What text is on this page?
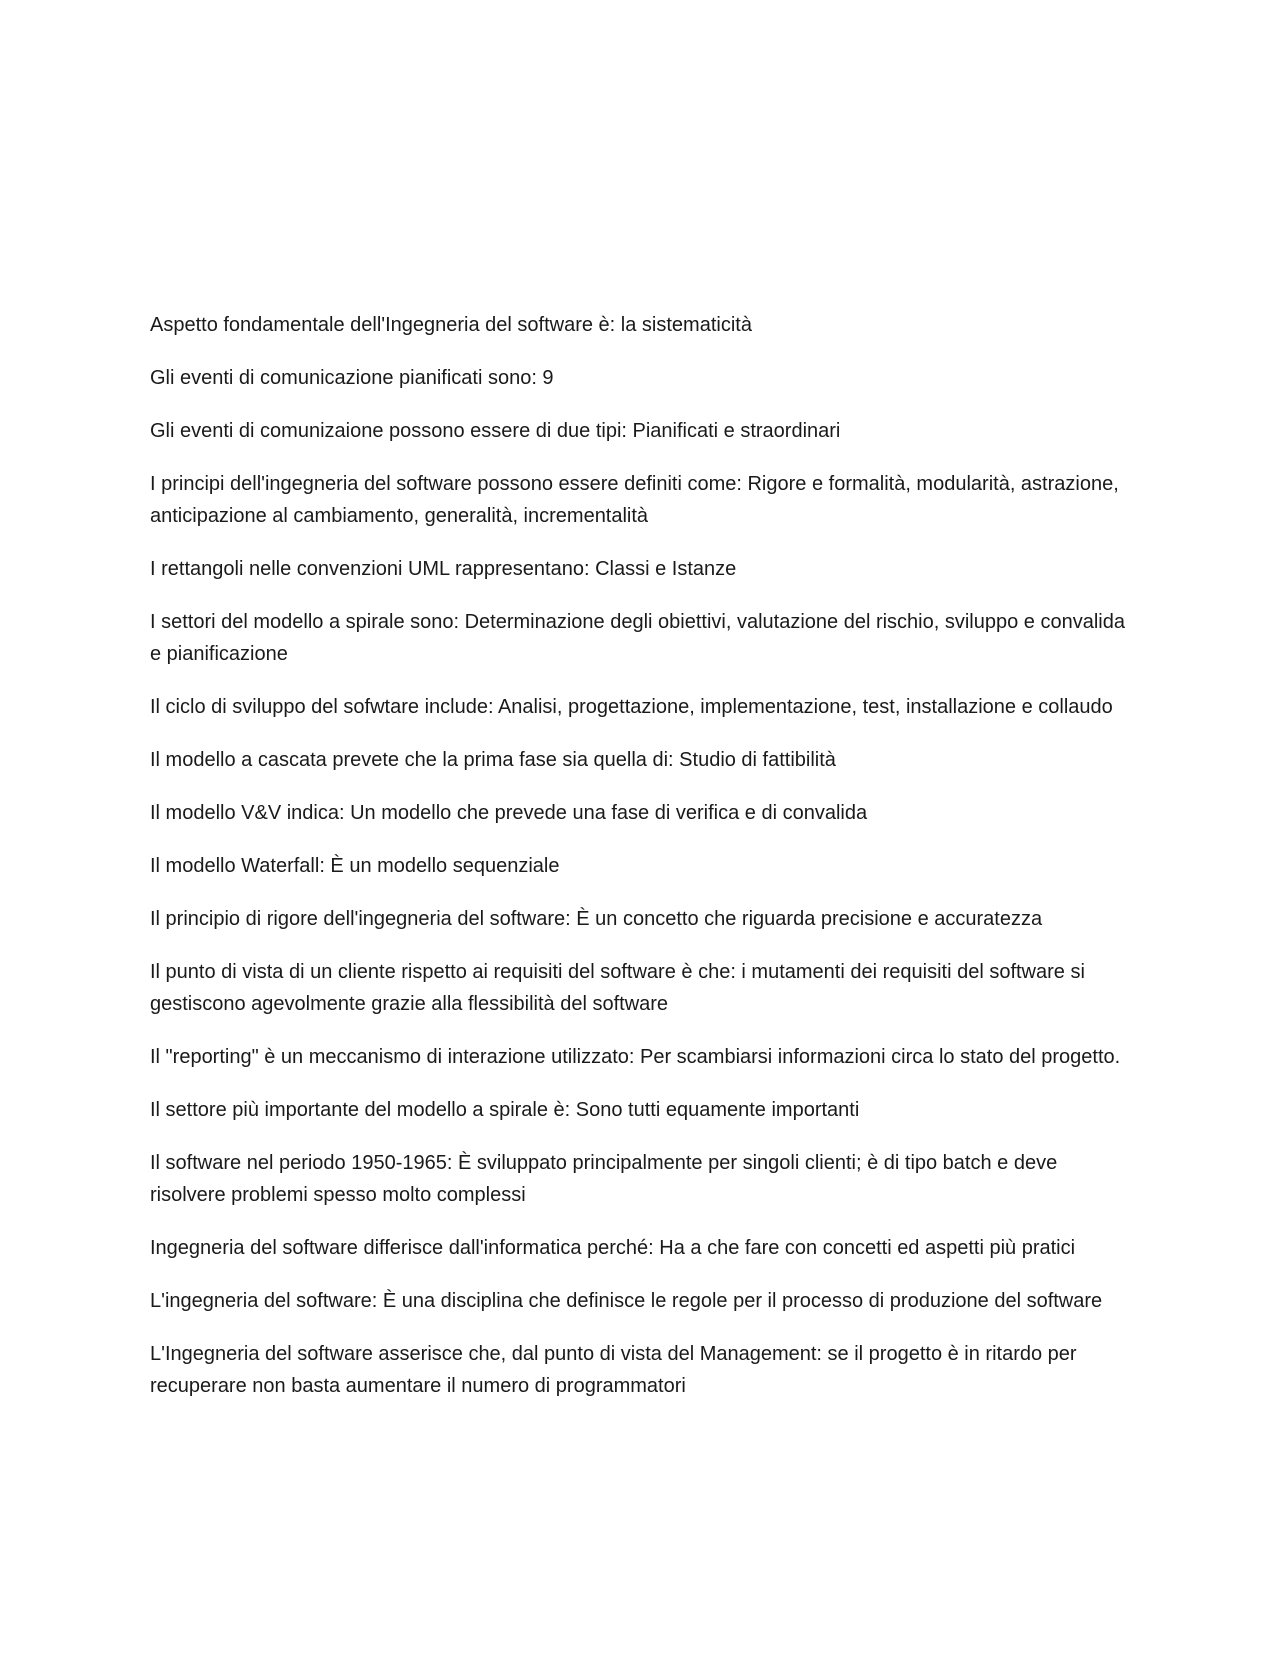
Aspetto fondamentale dell'Ingegneria del software è: la sistematicità

Gli eventi di comunicazione pianificati sono: 9

Gli eventi di comunizaione possono essere di due tipi: Pianificati e straordinari

I principi dell'ingegneria del software possono essere definiti come: Rigore e formalità, modularità, astrazione, anticipazione al cambiamento, generalità, incrementalità

I rettangoli nelle convenzioni UML rappresentano: Classi e Istanze

I settori del modello a spirale sono: Determinazione degli obiettivi, valutazione del rischio, sviluppo e convalida e pianificazione

Il ciclo di sviluppo del sofwtare include: Analisi, progettazione, implementazione, test, installazione e collaudo

Il modello a cascata prevete che la prima fase sia quella di: Studio di fattibilità

Il modello V&V indica: Un modello che prevede una fase di verifica e di convalida

Il modello Waterfall: È un modello sequenziale

Il principio di rigore dell'ingegneria del software: È un concetto che riguarda precisione e accuratezza

Il punto di vista di un cliente rispetto ai requisiti del software è che: i mutamenti dei requisiti del software si gestiscono agevolmente grazie alla flessibilità del software

Il "reporting" è un meccanismo di interazione utilizzato: Per scambiarsi informazioni circa lo stato del progetto.

Il settore più importante del modello a spirale è: Sono tutti equamente importanti

Il software nel periodo 1950-1965: È sviluppato principalmente per singoli clienti; è di tipo batch e deve risolvere problemi spesso molto complessi

Ingegneria del software differisce dall'informatica perché: Ha a che fare con concetti ed aspetti più pratici

L'ingegneria del software: È una disciplina che definisce le regole per il processo di produzione del software

L'Ingegneria del software asserisce che, dal punto di vista del Management: se il progetto è in ritardo per recuperare non basta aumentare il numero di programmatori
